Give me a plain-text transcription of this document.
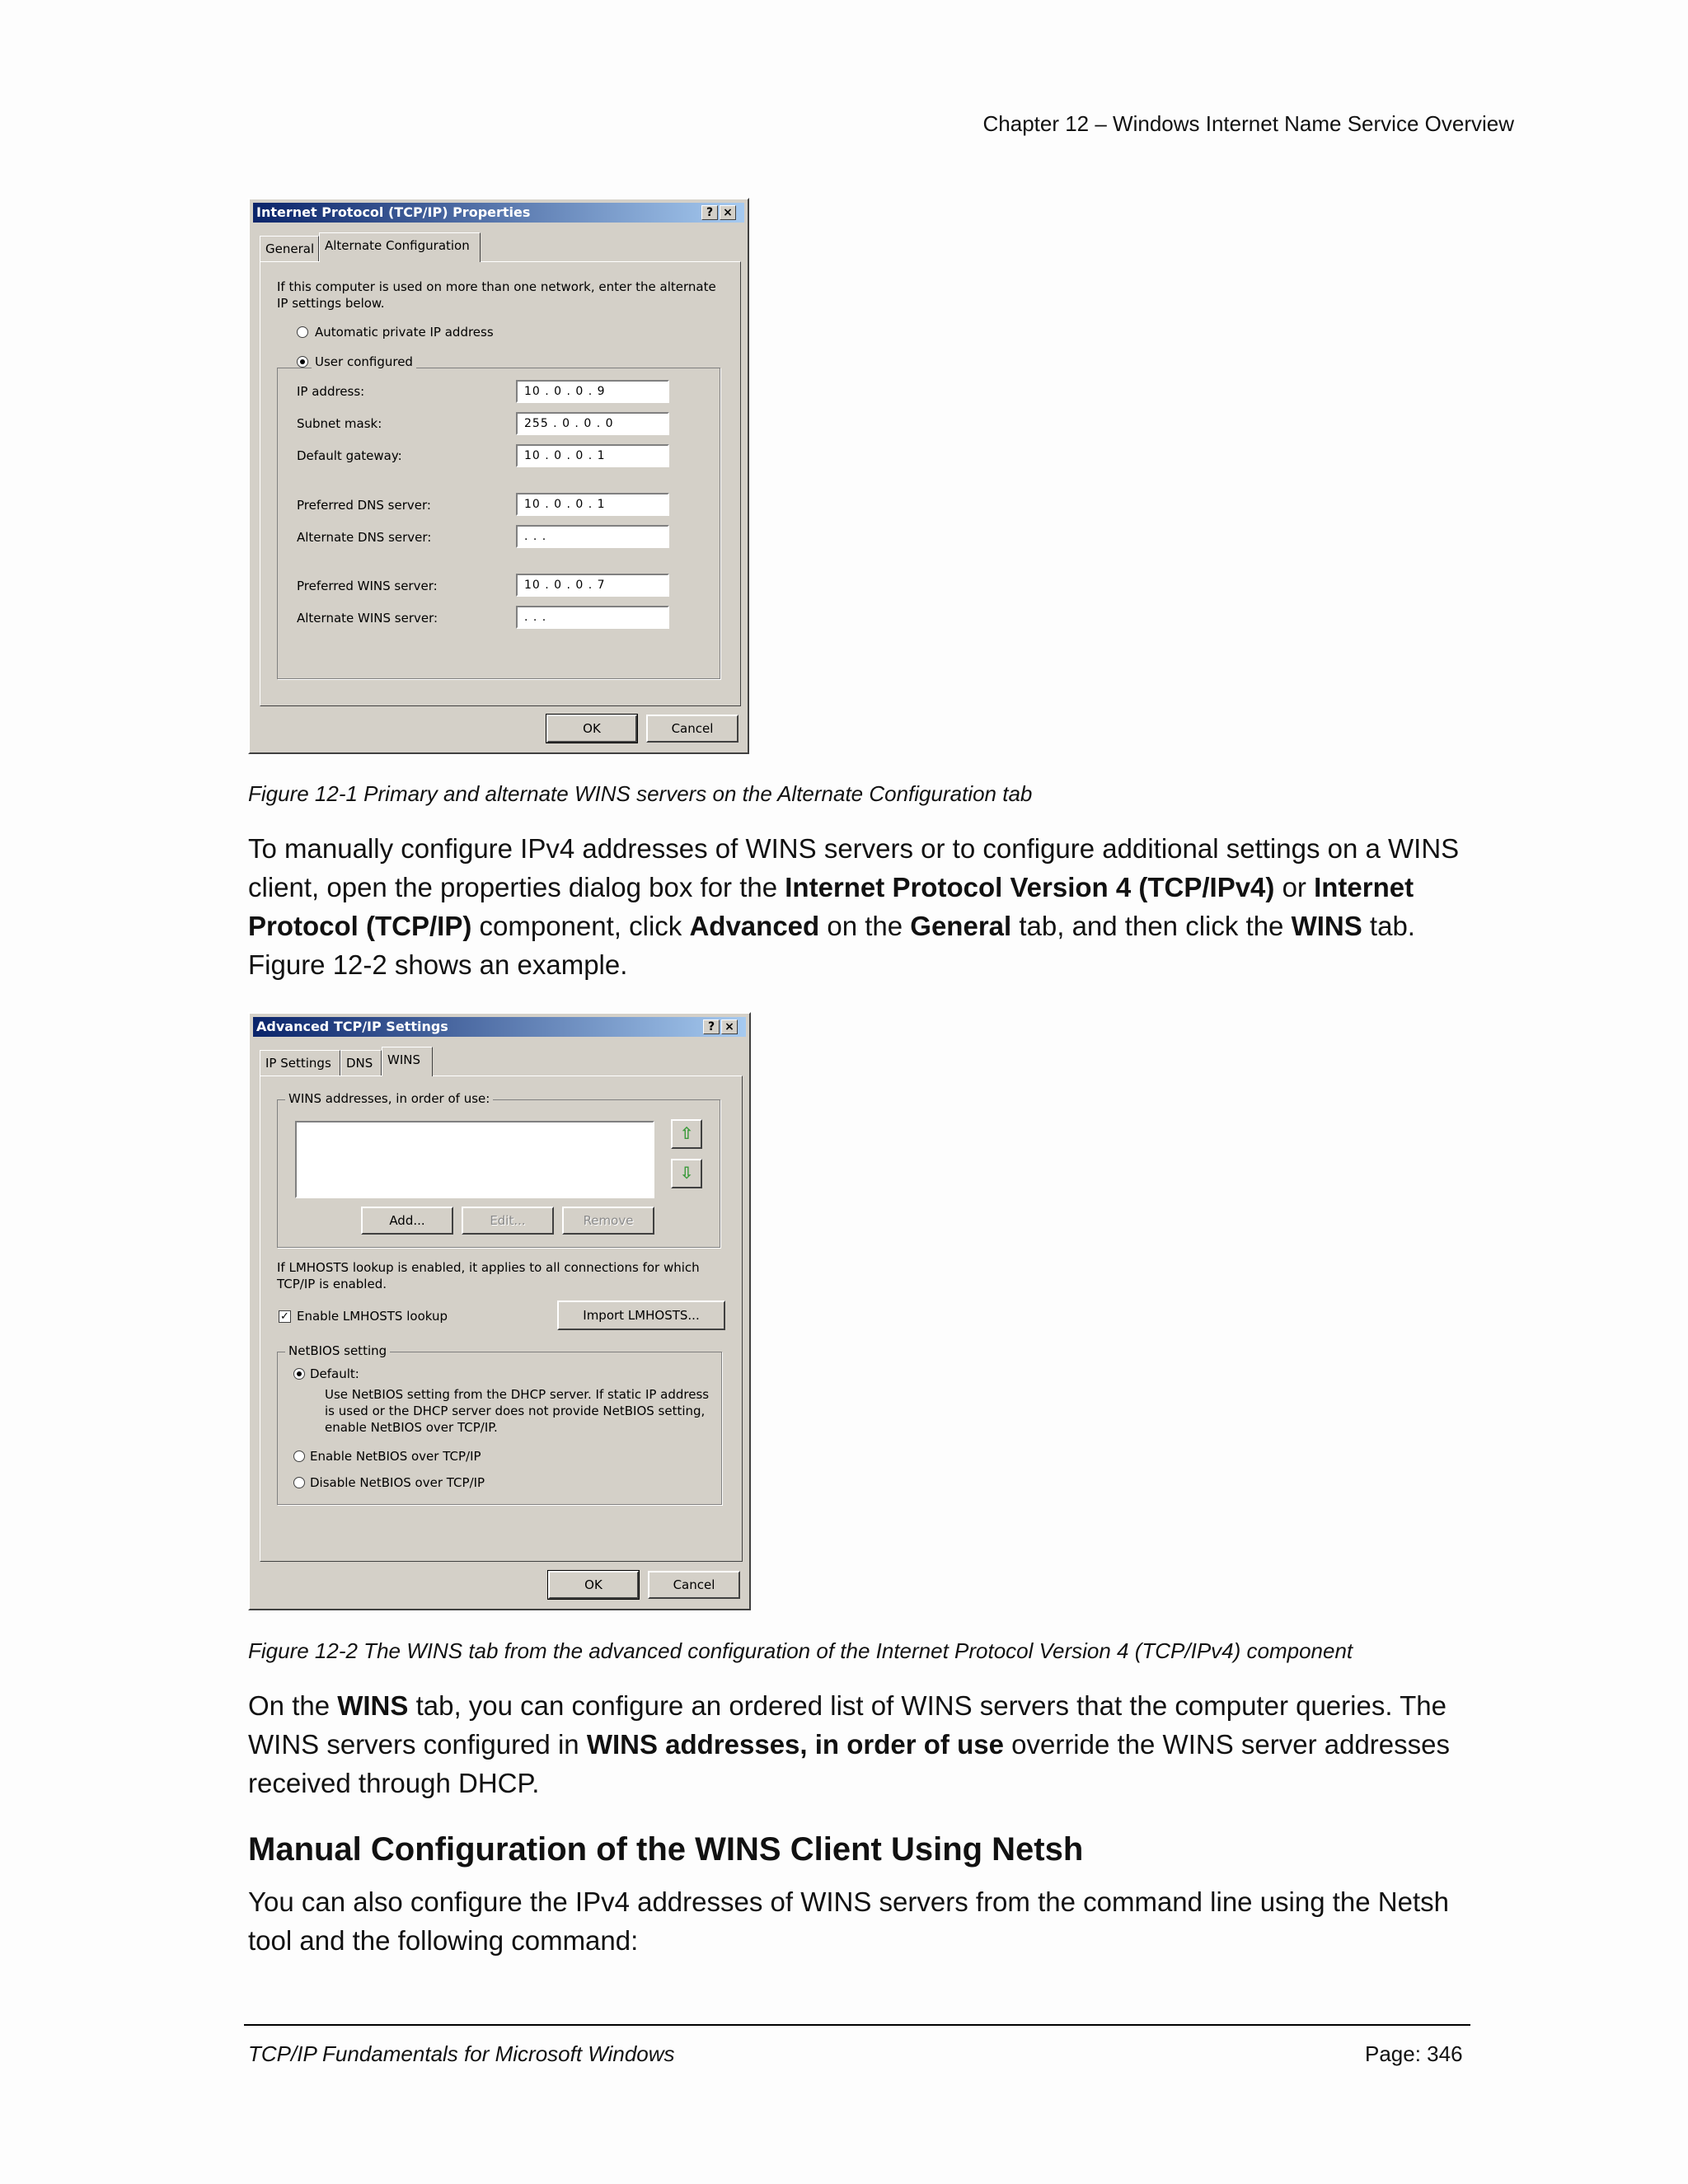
Chapter 12 – Windows Internet Name Service Overview
Internet Protocol (TCP/IP) Properties	? ×
General Alternate Configuration
If this computer is used on more than one network, enter the alternate IP settings below.
Automatic private IP address
User configured
IP address:	10 . 0 . 0 . 9
Subnet mask:	255 . 0 . 0 . 0
Default gateway:	10 . 0 . 0 . 1
Preferred DNS server:	10 . 0 . 0 . 1
Alternate DNS server:	. . .
Preferred WINS server:	10 . 0 . 0 . 7
Alternate WINS server:	. . .
OK	Cancel
Figure 12-1 Primary and alternate WINS servers on the Alternate Configuration tab

To manually configure IPv4 addresses of WINS servers or to configure additional settings on a WINS client, open the properties dialog box for the Internet Protocol Version 4 (TCP/IPv4) or Internet Protocol (TCP/IP) component, click Advanced on the General tab, and then click the WINS tab. Figure 12-2 shows an example.

Advanced TCP/IP Settings	? ×
IP Settings	DNS	WINS
WINS addresses, in order of use:
⇧
⇩
Add...	Edit...	Remove
If LMHOSTS lookup is enabled, it applies to all connections for which TCP/IP is enabled.
✓ Enable LMHOSTS lookup	Import LMHOSTS...
NetBIOS setting
Default:
Use NetBIOS setting from the DHCP server. If static IP address is used or the DHCP server does not provide NetBIOS setting, enable NetBIOS over TCP/IP.
Enable NetBIOS over TCP/IP
Disable NetBIOS over TCP/IP
OK	Cancel
Figure 12-2 The WINS tab from the advanced configuration of the Internet Protocol Version 4 (TCP/IPv4) component

On the WINS tab, you can configure an ordered list of WINS servers that the computer queries. The WINS servers configured in WINS addresses, in order of use override the WINS server addresses received through DHCP.

Manual Configuration of the WINS Client Using Netsh

You can also configure the IPv4 addresses of WINS servers from the command line using the Netsh tool and the following command:

TCP/IP Fundamentals for Microsoft Windows	Page: 346
